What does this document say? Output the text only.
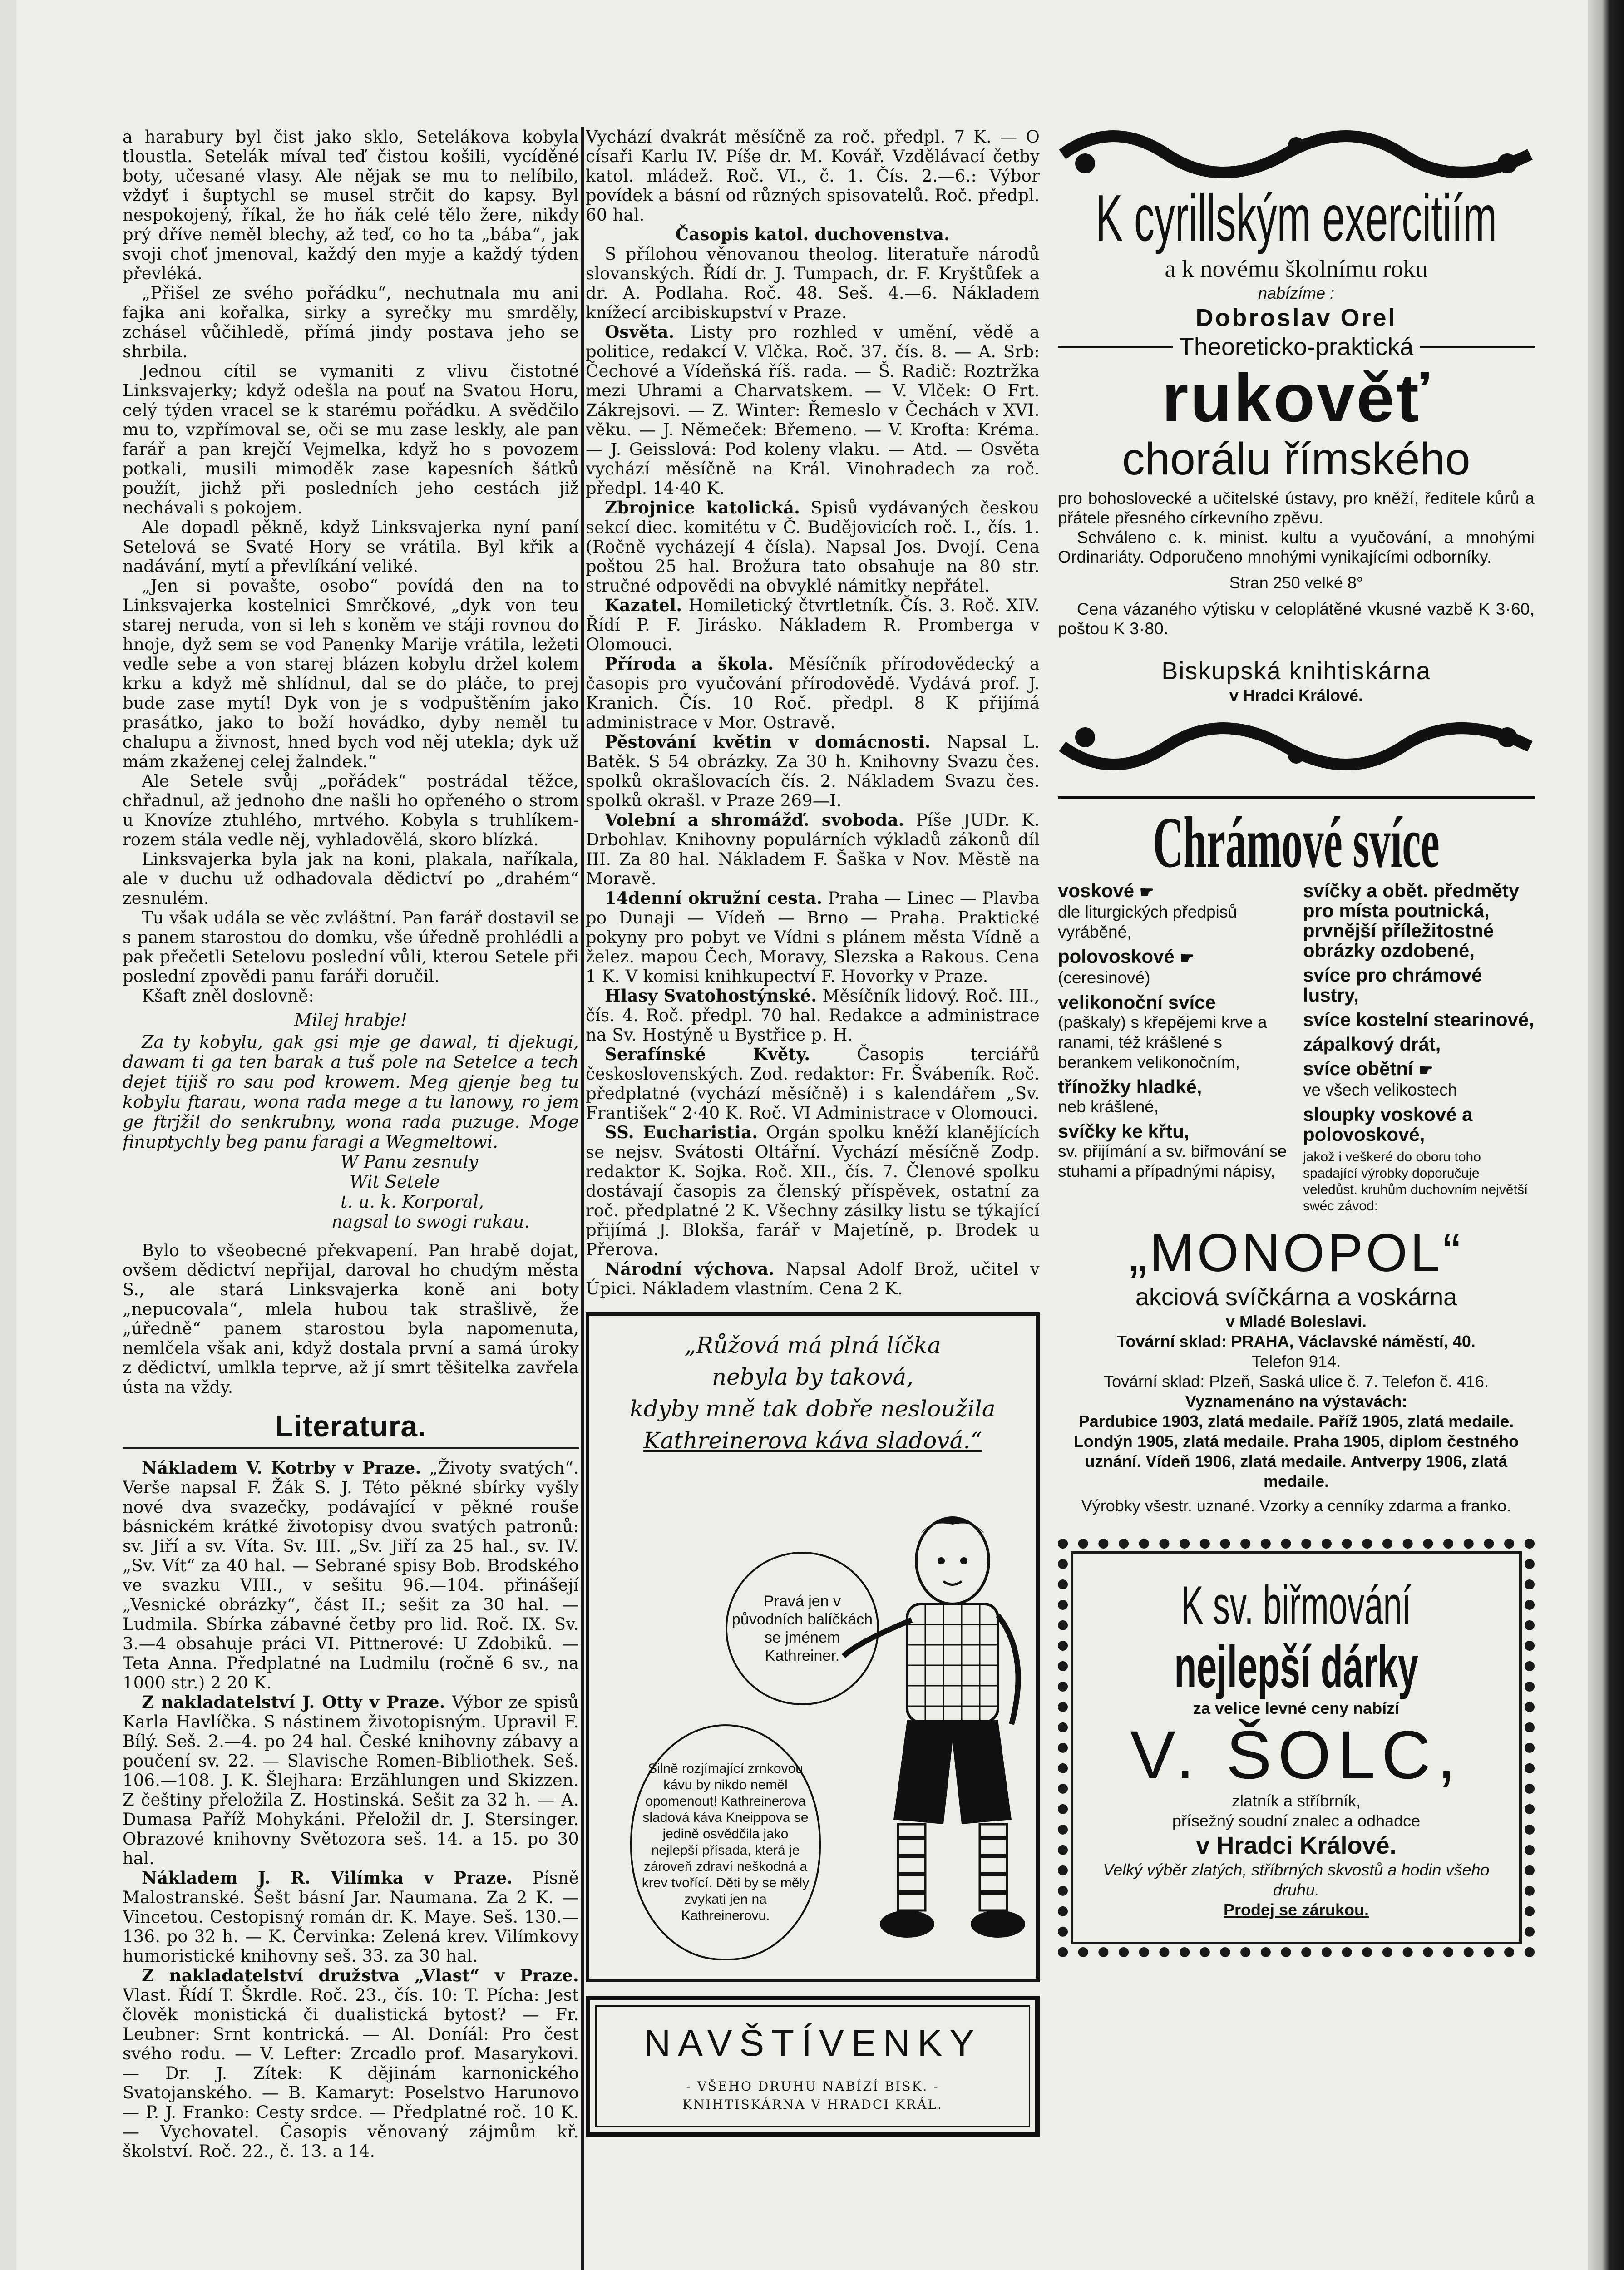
a harabury byl čist jako sklo, Setelákova kobyla tloustla. Setelák míval teď čistou košili, vycíděné boty, učesané vlasy. Ale nějak se mu to nelíbilo, vždyť i šuptychl se musel strčit do kapsy. Byl nespokojený, říkal, že ho ňák celé tělo žere, nikdy prý dříve neměl blechy, až teď, co ho ta „bába“, jak svoji choť jmenoval, každý den myje a každý týden převléká.

„Přišel ze svého pořádku“, nechutnala mu ani fajka ani kořalka, sirky a syrečky mu smrděly, zchásel vůčihledě, přímá jindy postava jeho se shrbila.

Jednou cítil se vymaniti z vlivu čistotné Linksvajerky; když odešla na pouť na Svatou Horu, celý týden vracel se k starému pořádku. A svědčilo mu to, vzpřímoval se, oči se mu zase leskly, ale pan farář a pan krejčí Vejmelka, když ho s povozem potkali, musili mimoděk zase kapesních šátků použít, jichž při posledních jeho cestách již nechávali s pokojem.

Ale dopadl pěkně, když Linksvajerka nyní paní Setelová se Svaté Hory se vrátila. Byl křik a nadávání, mytí a převlíkání veliké.

„Jen si povašte, osobo“ povídá den na to Linksvajerka kostelnici Smrčkové, „dyk von teu starej neruda, von si leh s koněm ve stáji rovnou do hnoje, dyž sem se vod Panenky Marije vrátila, ležeti vedle sebe a von starej blázen kobylu držel kolem krku a když mě shlídnul, dal se do pláče, to prej bude zase mytí! Dyk von je s vodpuštěním jako prasátko, jako to boží hovádko, dyby neměl tu chalupu a živnost, hned bych vod něj utekla; dyk už mám zkaženej celej žalndek.“

Ale Setele svůj „pořádek“ postrádal těžce, chřadnul, až jednoho dne našli ho opřeného o strom u Knovíze ztuhlého, mrtvého. Kobyla s truhlíkem-rozem stála vedle něj, vyhladovělá, skoro blízká.

Linksvajerka byla jak na koni, plakala, naříkala, ale v duchu už odhadovala dědictví po „drahém“ zesnulém.

Tu však udála se věc zvláštní. Pan farář dostavil se s panem starostou do domku, vše úředně prohlédli a pak přečetli Setelovu poslední vůli, kterou Setele při poslední zpovědi panu faráři doručil.

Kšaft zněl doslovně:

Milej hrabje!

Za ty kobylu, gak gsi mje ge dawal, ti djekugi, dawam ti ga ten barak a tuš pole na Setelce a tech dejet tijiš ro sau pod krowem. Meg gjenje beg tu kobylu ftarau, wona rada mege a tu lanowy, ro jem ge ftrjžil do senkrubny, wona rada puzuge. Moge finuptychly beg panu faragi a Wegmeltowi.

W Panu zesnuly

Wit Setele

t. u. k. Korporal,

nagsal to swogi rukau.

Bylo to všeobecné překvapení. Pan hrabě dojat, ovšem dědictví nepřijal, daroval ho chudým města S., ale stará Linksvajerka koně ani boty „nepucovala“, mlela hubou tak strašlivě, že „úředně“ panem starostou byla napomenuta, nemlčela však ani, když dostala první a samá úroky z dědictví, umlkla teprve, až jí smrt těšitelka zavřela ústa na vždy.

Literatura.

Nákladem V. Kotrby v Praze. „Životy svatých“. Verše napsal F. Žák S. J. Této pěkné sbírky vyšly nové dva svazečky, podávající v pěkné rouše básnickém krátké životopisy dvou svatých patronů: sv. Jiří a sv. Víta. Sv. III. „Sv. Jiří za 25 hal., sv. IV. „Sv. Vít“ za 40 hal. — Sebrané spisy Bob. Brodského ve svazku VIII., v sešitu 96.—104. přinášejí „Vesnické obrázky“, část II.; sešit za 30 hal. — Ludmila. Sbírka zábavné četby pro lid. Roč. IX. Sv. 3.—4 obsahuje práci VI. Pittnerové: U Zdobiků. — Teta Anna. Předplatné na Ludmilu (ročně 6 sv., na 1000 str.) 2 20 K.

Z nakladatelství J. Otty v Praze. Výbor ze spisů Karla Havlíčka. S nástinem životopisným. Upravil F. Bílý. Seš. 2.—4. po 24 hal. České knihovny zábavy a poučení sv. 22. — Slavische Romen-Bibliothek. Seš. 106.—108. J. K. Šlejhara: Erzählungen und Skizzen. Z češtiny přeložila Z. Hostinská. Sešit za 32 h. — A. Dumasa Paříž Mohykáni. Přeložil dr. J. Stersinger. Obrazové knihovny Světozora seš. 14. a 15. po 30 hal.

Nákladem J. R. Vilímka v Praze. Písně Malostranské. Šešt básní Jar. Naumana. Za 2 K. — Vincetou. Cestopisný román dr. K. Maye. Seš. 130.—136. po 32 h. — K. Červinka: Zelená krev. Vilímkovy humoristické knihovny seš. 33. za 30 hal.

Z nakladatelství družstva „Vlast“ v Praze. Vlast. Řídí T. Škrdle. Roč. 23., čís. 10: T. Pícha: Jest člověk monistická či dualistická bytost? — Fr. Leubner: Srnt kontrická. — Al. Doníál: Pro čest svého rodu. — V. Lefter: Zrcadlo prof. Masarykovi. — Dr. J. Zítek: K dějinám karnonického Svatojanského. — B. Kamaryt: Poselstvo Harunovo — P. J. Franko: Cesty srdce. — Předplatné roč. 10 K. — Vychovatel. Časopis věnovaný zájmům kř. školství. Roč. 22., č. 13. a 14.

Vychází dvakrát měsíčně za roč. předpl. 7 K. — O císaři Karlu IV. Píše dr. M. Kovář. Vzdělávací četby katol. mládež. Roč. VI., č. 1. Čís. 2.—6.: Výbor povídek a básní od různých spisovatelů. Roč. předpl. 60 hal.

Časopis katol. duchovenstva.

S přílohou věnovanou theolog. literatuře národů slovanských. Řídí dr. J. Tumpach, dr. F. Kryštůfek a dr. A. Podlaha. Roč. 48. Seš. 4.—6. Nákladem knížecí arcibiskupství v Praze.

Osvěta. Listy pro rozhled v umění, vědě a politice, redakcí V. Vlčka. Roč. 37. čís. 8. — A. Srb: Čechové a Vídeňská říš. rada. — Š. Radič: Roztržka mezi Uhrami a Charvatskem. — V. Vlček: O Frt. Zákrejsovi. — Z. Winter: Řemeslo v Čechách v XVI. věku. — J. Němeček: Břemeno. — V. Krofta: Kréma. — J. Geisslová: Pod koleny vlaku. — Atd. — Osvěta vychází měsíčně na Král. Vinohradech za roč. předpl. 14·40 K.

Zbrojnice katolická. Spisů vydávaných českou sekcí diec. komitétu v Č. Budějovicích roč. I., čís. 1. (Ročně vycházejí 4 čísla). Napsal Jos. Dvojí. Cena poštou 25 hal. Brožura tato obsahuje na 80 str. stručné odpovědi na obvyklé námitky nepřátel.

Kazatel. Homiletický čtvrtletník. Čís. 3. Roč. XIV. Řídí P. F. Jirásko. Nákladem R. Promberga v Olomouci.

Příroda a škola. Měsíčník přírodovědecký a časopis pro vyučování přírodovědě. Vydává prof. J. Kranich. Čís. 10 Roč. předpl. 8 K přijímá administrace v Mor. Ostravě.

Pěstování květin v domácnosti. Napsal L. Batěk. S 54 obrázky. Za 30 h. Knihovny Svazu čes. spolků okrašlovacích čís. 2. Nákladem Svazu čes. spolků okrašl. v Praze 269—I.

Volební a shromážď. svoboda. Píše JUDr. K. Drbohlav. Knihovny populárních výkladů zákonů díl III. Za 80 hal. Nákladem F. Šaška v Nov. Městě na Moravě.

14denní okružní cesta. Praha — Linec — Plavba po Dunaji — Vídeň — Brno — Praha. Praktické pokyny pro pobyt ve Vídni s plánem města Vídně a želez. mapou Čech, Moravy, Slezska a Rakous. Cena 1 K. V komisi knihkupectví F. Hovorky v Praze.

Hlasy Svatohostýnské. Měsíčník lidový. Roč. III., čís. 4. Roč. předpl. 70 hal. Redakce a administrace na Sv. Hostýně u Bystřice p. H.

Serafínské Květy.	Časopis terciářů československých. Zod. redaktor: Fr. Švábeník. Roč. předplatné (vychází měsíčně) i s kalendářem „Sv. František“ 2·40 K. Roč. VI Administrace v Olomouci.

SS. Eucharistia. Orgán spolku kněží klanějících se nejsv. Svátosti Oltářní. Vychází měsíčně Zodp. redaktor K. Sojka. Roč. XII., čís. 7. Členové spolku dostávají časopis za členský příspěvek, ostatní za roč. předplatné 2 K. Všechny zásilky listu se týkající přijímá J. Blokša, farář v Majetíně, p. Brodek u Přerova.

Národní výchova. Napsal Adolf Brož, učitel v Úpici. Nákladem vlastním. Cena 2 K.

„Růžová má plná líčka
nebyla by taková,
kdyby mně tak dobře nesloužila
Kathreinerova káva sladová.“
Pravá jen v původních balíčkách se jménem Kathreiner.
Silně rozjímající zrnkovou kávu by nikdo neměl opomenout! Kathreinerova sladová káva Kneippova se jedině osvědčila jako nejlepší přísada, která je zároveň zdraví neškodná a krev tvořící. Děti by se měly zvykati jen na Kathreinerovu.
NAVŠTÍVENKY
- VŠEHO DRUHU NABÍZÍ BISK. -
KNIHTISKÁRNA V HRADCI KRÁL.
K cyrillským exercitiím
a k novému školnímu roku
nabízíme :
Dobroslav Orel
Theoreticko-praktická
rukověť
chorálu římského

pro bohoslovecké a učitelské ústavy, pro kněží, ředitele kůrů a přátele přesného církevního zpěvu.

Schváleno c. k. minist. kultu a vyučování, a mnohými Ordinariáty. Odporučeno mnohými vynikajícími odborníky.

Stran 250 velké 8°

Cena vázaného výtisku v celoplátěné vkusné vazbě K 3·60, poštou K 3·80.

Biskupská knihtiskárna
v Hradci Králové.
Chrámové svíce
voskové ☛
dle liturgických předpisů vyráběné,
polovoskové ☛
(ceresinové)
velikonoční svíce
(paškaly) s křepějemi krve a ranami, též krášlené s berankem velikonočním,
třínožky hladké,
neb krášlené,
svíčky ke křtu,
sv. přijímání a sv. biřmování se stuhami a případnými nápisy,
svíčky a obět. předměty pro místa poutnická, prvnější příležitostné obrázky ozdobené,
svíce pro chrámové lustry,
svíce kostelní stearinové,
zápalkový drát,
svíce obětní ☛
ve všech velikostech
sloupky voskové a polovoskové,
jakož i veškeré do oboru toho spadající výrobky doporučuje veledůst. kruhům duchovním největší swéc závod:
„MONOPOL“
akciová svíčkárna a voskárna
v Mladé Boleslavi.
Tovární sklad: PRAHA, Václavské náměstí, 40.
Telefon 914.
Tovární sklad: Plzeň, Saská ulice č. 7. Telefon č. 416.
Vyznamenáno na výstavách:
Pardubice 1903, zlatá medaile. Paříž 1905, zlatá medaile. Londýn 1905, zlatá medaile. Praha 1905, diplom čestného uznání. Vídeň 1906, zlatá medaile. Antverpy 1906, zlatá medaile.
Výrobky všestr. uznané. Vzorky a cenníky zdarma a franko.
K sv. biřmování
nejlepší dárky
za velice levné ceny nabízí
V. ŠOLC,
zlatník a stříbrník,
přísežný soudní znalec a odhadce
v Hradci Králové.
Velký výběr zlatých, stříbrných skvostů a hodin všeho druhu.
Prodej se zárukou.
